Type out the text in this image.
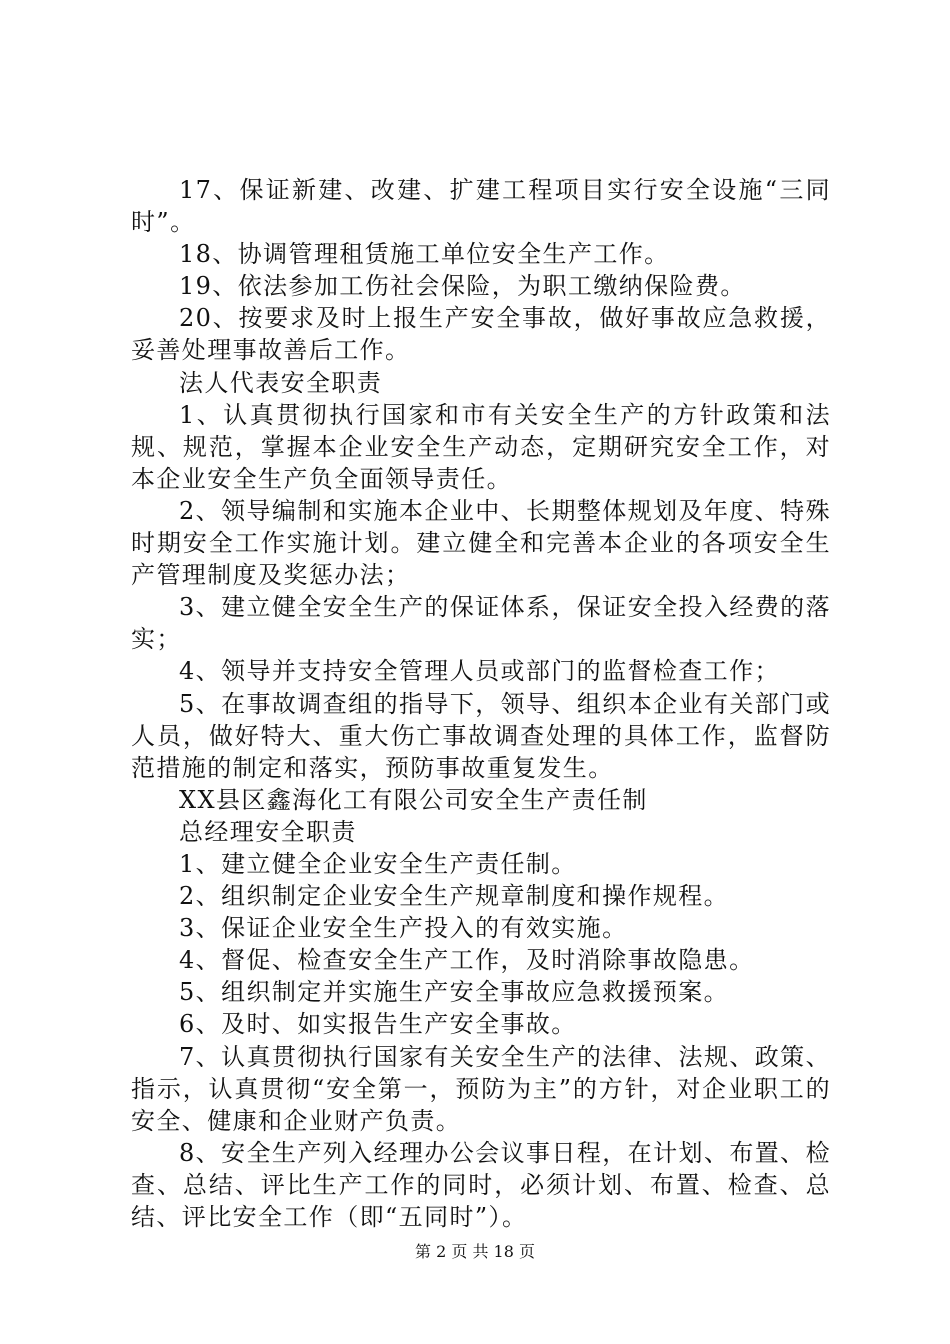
17、保证新建、改建、扩建工程项目实行安全设施“三同时”。

18、协调管理租赁施工单位安全生产工作。

19、依法参加工伤社会保险，为职工缴纳保险费。

20、按要求及时上报生产安全事故，做好事故应急救援，妥善处理事故善后工作。

法人代表安全职责

1、认真贯彻执行国家和市有关安全生产的方针政策和法规、规范，掌握本企业安全生产动态，定期研究安全工作，对本企业安全生产负全面领导责任。

2、领导编制和实施本企业中、长期整体规划及年度、特殊时期安全工作实施计划。建立健全和完善本企业的各项安全生产管理制度及奖惩办法；

3、建立健全安全生产的保证体系，保证安全投入经费的落实；

4、领导并支持安全管理人员或部门的监督检查工作；

5、在事故调查组的指导下，领导、组织本企业有关部门或人员，做好特大、重大伤亡事故调查处理的具体工作，监督防范措施的制定和落实，预防事故重复发生。

XX县区鑫海化工有限公司安全生产责任制

总经理安全职责

1、建立健全企业安全生产责任制。

2、组织制定企业安全生产规章制度和操作规程。

3、保证企业安全生产投入的有效实施。

4、督促、检查安全生产工作，及时消除事故隐患。

5、组织制定并实施生产安全事故应急救援预案。

6、及时、如实报告生产安全事故。

7、认真贯彻执行国家有关安全生产的法律、法规、政策、指示，认真贯彻“安全第一，预防为主”的方针，对企业职工的安全、健康和企业财产负责。

8、安全生产列入经理办公会议事日程，在计划、布置、检查、总结、评比生产工作的同时，必须计划、布置、检查、总结、评比安全工作（即“五同时”）。

第 2 页 共 18 页
